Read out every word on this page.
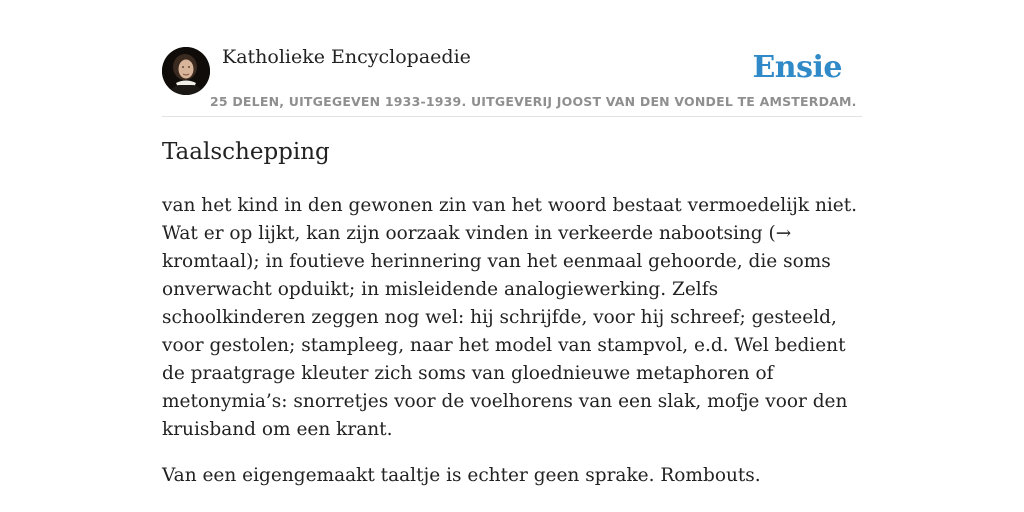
Katholieke Encyclopaedie
25 DELEN, UITGEGEVEN 1933-1939. UITGEVERIJ JOOST VAN DEN VONDEL TE AMSTERDAM.
Ensie
Taalschepping

van het kind in den gewonen zin van het woord bestaat vermoedelijk niet. Wat er op lijkt, kan zijn oorzaak vinden in verkeerde nabootsing (→ kromtaal); in foutieve herinnering van het eenmaal gehoorde, die soms onverwacht opduikt; in misleidende analogiewerking. Zelfs schoolkinderen zeggen nog wel: hij schrijfde, voor hij schreef; gesteeld, voor gestolen; stampleeg, naar het model van stampvol, e.d. Wel bedient de praatgrage kleuter zich soms van gloednieuwe metaphoren of metonymia’s: snorretjes voor de voelhorens van een slak, mofje voor den kruisband om een krant.

Van een eigengemaakt taaltje is echter geen sprake. Rombouts.
